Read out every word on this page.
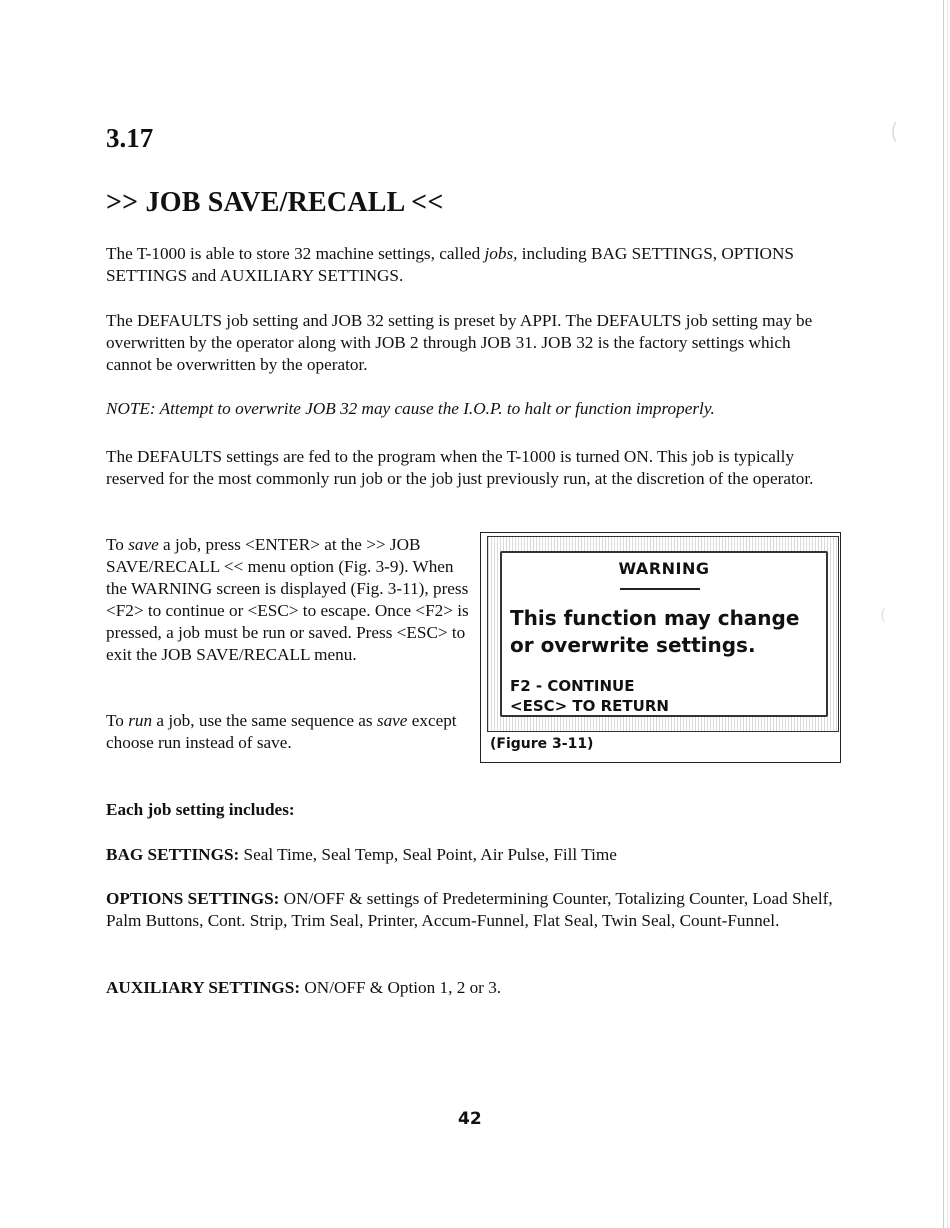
(
(
3.17
>> JOB SAVE/RECALL <<

The T-1000 is able to store 32 machine settings, called jobs, including BAG SETTINGS, OPTIONS SETTINGS and AUXILIARY SETTINGS.

The DEFAULTS job setting and JOB 32 setting is preset by APPI. The DEFAULTS job setting may be overwritten by the operator along with JOB 2 through JOB 31. JOB 32 is the factory settings which cannot be overwritten by the operator.

NOTE: Attempt to overwrite JOB 32 may cause the I.O.P. to halt or function improperly.

The DEFAULTS settings are fed to the program when the T-1000 is turned ON. This job is typically reserved for the most commonly run job or the job just previously run, at the discretion of the operator.

To save a job, press <ENTER> at the >> JOB SAVE/RECALL << menu option (Fig. 3-9). When the WARNING screen is displayed (Fig. 3-11), press <F2> to continue or <ESC> to escape. Once <F2> is pressed, a job must be run or saved. Press <ESC> to exit the JOB SAVE/RECALL menu.

To run a job, use the same sequence as save except choose run instead of save.

WARNING
This function may change or overwrite settings.
F2 - CONTINUE
<ESC> TO RETURN
(Figure 3-11)

Each job setting includes:

BAG SETTINGS: Seal Time, Seal Temp, Seal Point, Air Pulse, Fill Time

OPTIONS SETTINGS: ON/OFF & settings of Predetermining Counter, Totalizing Counter, Load Shelf, Palm Buttons, Cont. Strip, Trim Seal, Printer, Accum-Funnel, Flat Seal, Twin Seal, Count-Funnel.

AUXILIARY SETTINGS: ON/OFF & Option 1, 2 or 3.

42
